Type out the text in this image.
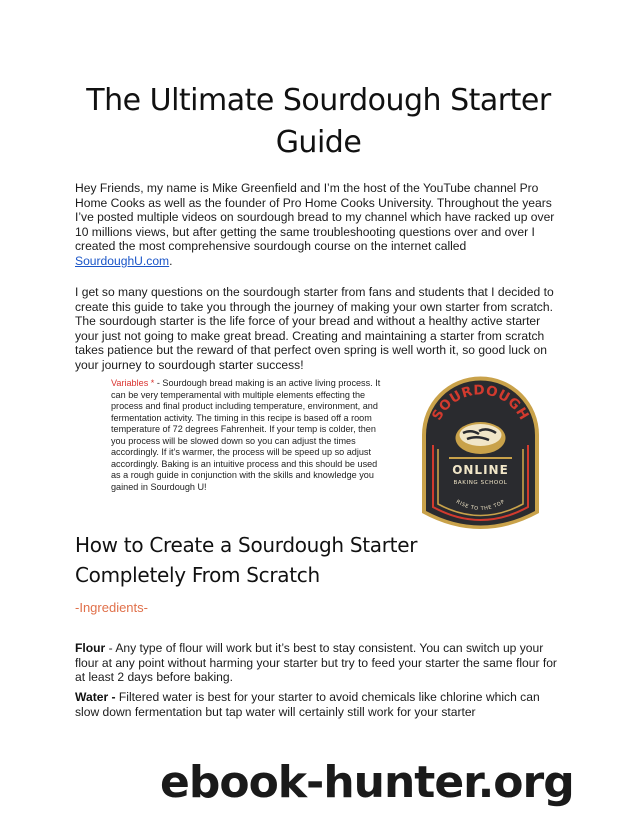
The Ultimate Sourdough Starter
Guide

Hey Friends, my name is Mike Greenfield and I’m the host of the YouTube channel Pro Home Cooks as well as the founder of Pro Home Cooks University. Throughout the years I’ve posted multiple videos on sourdough bread to my channel which have racked up over 10 millions views, but after getting the same troubleshooting questions over and over I created the most comprehensive sourdough course on the internet called SourdoughU.com.

I get so many questions on the sourdough starter from fans and students that I decided to create this guide to take you through the journey of making your own starter from scratch. The sourdough starter is the life force of your bread and without a healthy active starter your just not going to make great bread. Creating and maintaining a starter from scratch takes patience but the reward of that perfect oven spring is well worth it, so good luck on your journey to sourdough starter success!

Variables * - Sourdough bread making is an active living process. It can be very temperamental with multiple elements effecting the process and final product including temperature, environment, and fermentation activity. The timing in this recipe is based off a room temperature of 72 degrees Fahrenheit. If your temp is colder, then you process will be slowed down so you can adjust the times accordingly. If it’s warmer, the process will be speed up so adjust accordingly. Baking is an intuitive process and this should be used as a rough guide in conjunction with the skills and knowledge you gained in Sourdough U!

SOURDOUGH
ONLINE
BAKING SCHOOL
RISE TO THE TOP
How to Create a Sourdough Starter
Completely From Scratch

-Ingredients-

Flour - Any type of flour will work but it’s best to stay consistent. You can switch up your flour at any point without harming your starter but try to feed your starter the same flour for at least 2 days before baking.

Water - Filtered water is best for your starter to avoid chemicals like chlorine which can slow down fermentation but tap water will certainly still work for your starter

ebook-hunter.org
